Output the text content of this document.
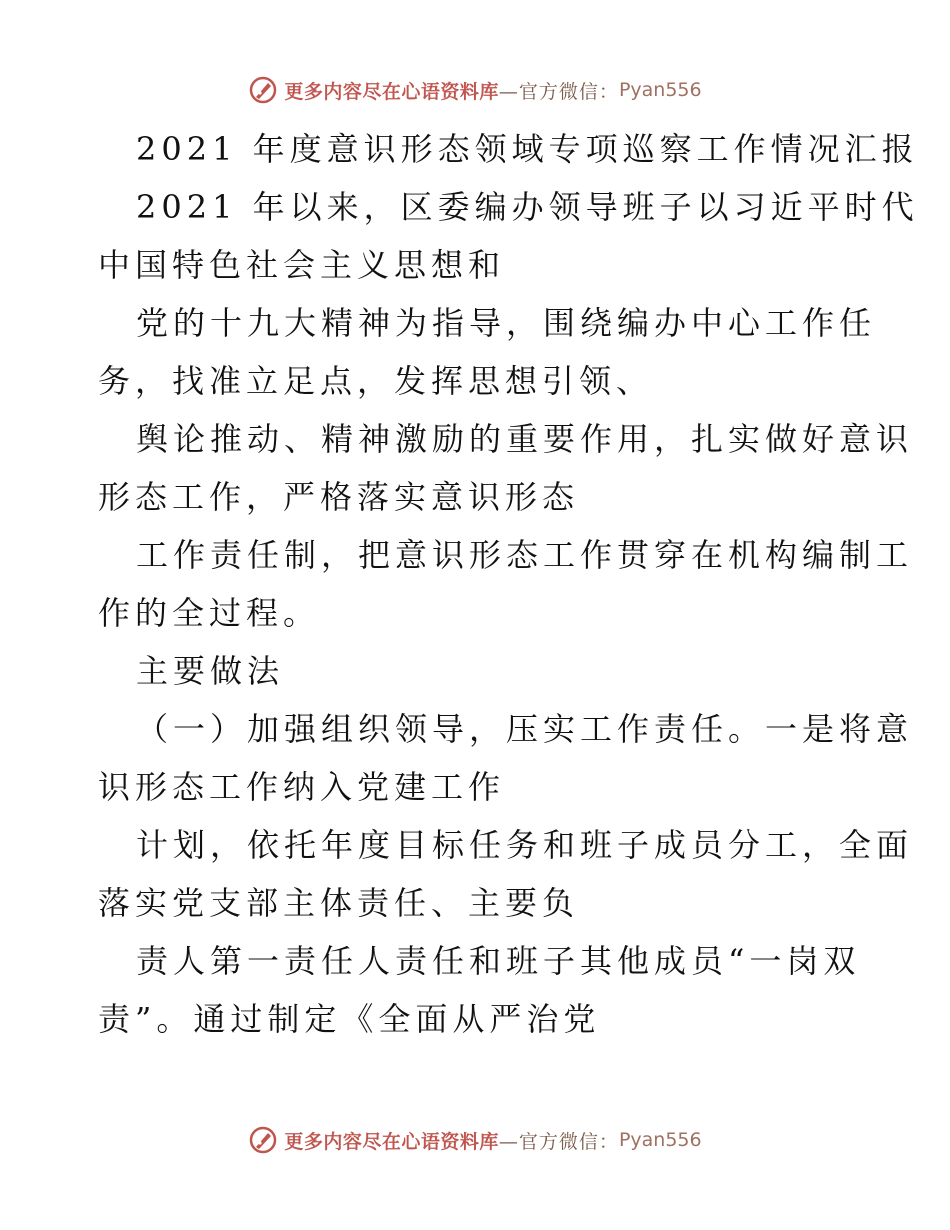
更多内容尽在心语资料库 —官方微信： Pyan556
2021 年度意识形态领域专项巡察工作情况汇报
2021 年以来，区委编办领导班子以习近平时代
中国特色社会主义思想和
党的十九大精神为指导，围绕编办中心工作任
务，找准立足点，发挥思想引领、
舆论推动、精神激励的重要作用，扎实做好意识
形态工作，严格落实意识形态
工作责任制，把意识形态工作贯穿在机构编制工
作的全过程。
主要做法
（一）加强组织领导，压实工作责任。一是将意
识形态工作纳入党建工作
计划，依托年度目标任务和班子成员分工，全面
落实党支部主体责任、主要负
责人第一责任人责任和班子其他成员“一岗双
责”。通过制定《全面从严治党
更多内容尽在心语资料库 —官方微信： Pyan556
